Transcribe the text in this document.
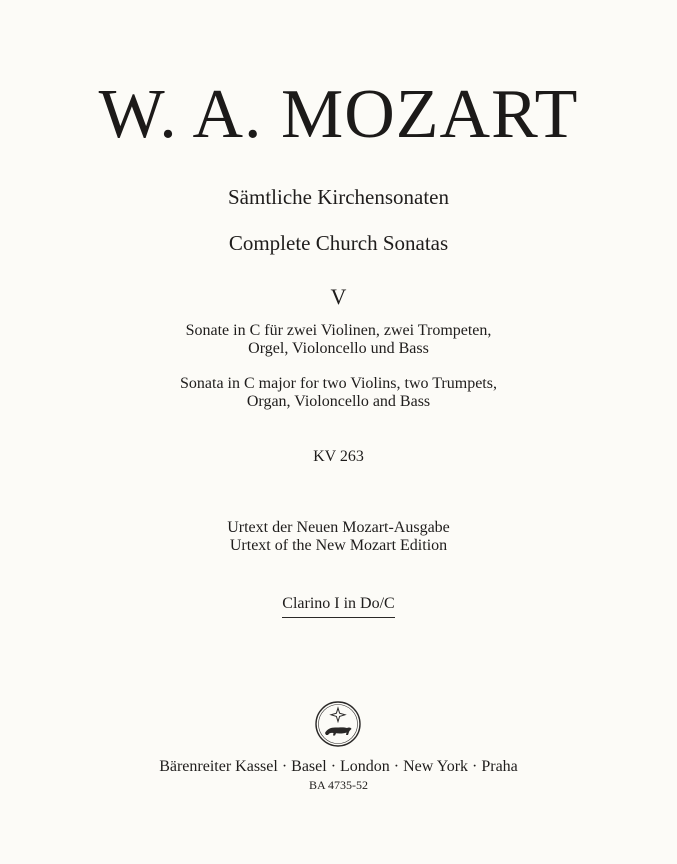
W. A. MOZART
Sämtliche Kirchensonaten
Complete Church Sonatas
V
Sonate in C für zwei Violinen, zwei Trompeten,
Orgel, Violoncello und Bass
Sonata in C major for two Violins, two Trumpets,
Organ, Violoncello and Bass
KV 263
Urtext der Neuen Mozart-Ausgabe
Urtext of the New Mozart Edition
Clarino I in Do/C
Bärenreiter Kassel · Basel · London · New York · Praha
BA 4735-52
